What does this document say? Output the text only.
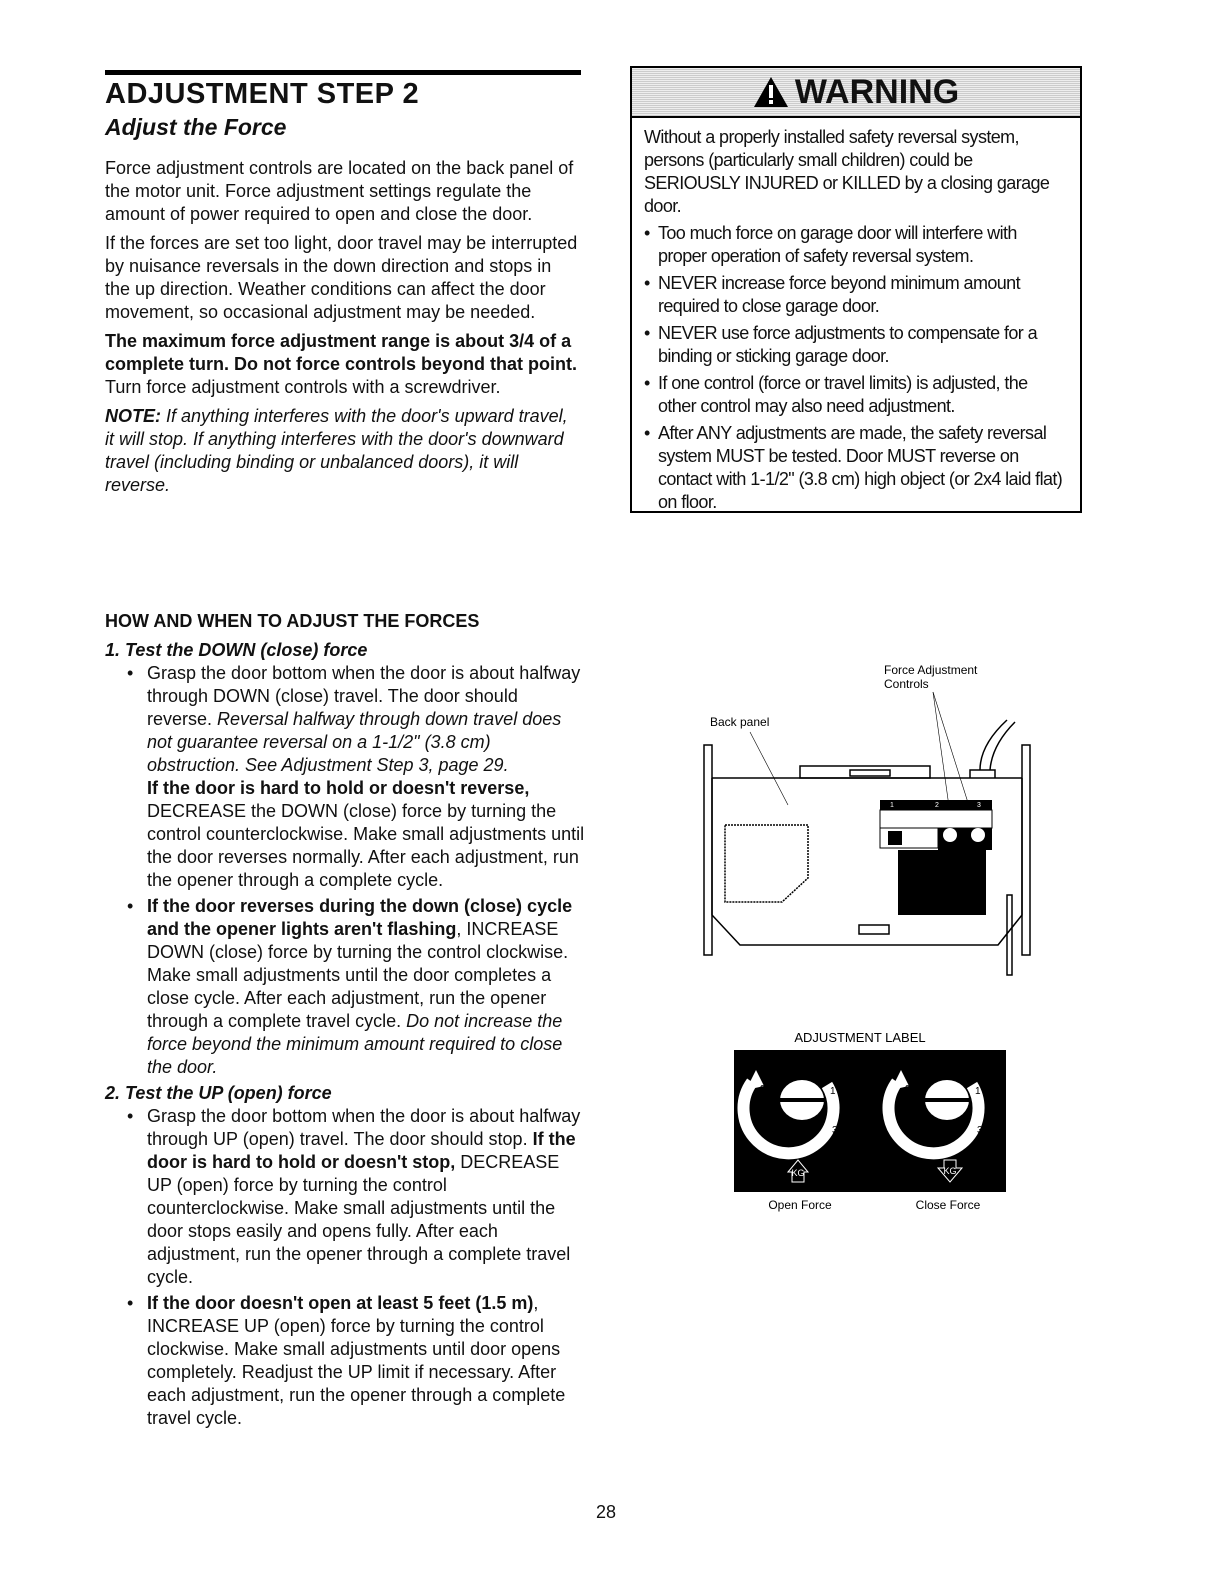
ADJUSTMENT STEP 2
Adjust the Force

Force adjustment controls are located on the back panel of the motor unit. Force adjustment settings regulate the amount of power required to open and close the door.

If the forces are set too light, door travel may be interrupted by nuisance reversals in the down direction and stops in the up direction. Weather conditions can affect the door movement, so occasional adjustment may be needed.

The maximum force adjustment range is about 3/4 of a complete turn. Do not force controls beyond that point. Turn force adjustment controls with a screwdriver.

NOTE: If anything interferes with the door's upward travel, it will stop. If anything interferes with the door's downward travel (including binding or unbalanced doors), it will reverse.

HOW AND WHEN TO ADJUST THE FORCES
1. Test the DOWN (close) force
• Grasp the door bottom when the door is about halfway through DOWN (close) travel. The door should reverse. Reversal halfway through down travel does not guarantee reversal on a 1-1/2" (3.8 cm) obstruction. See Adjustment Step 3, page 29.
If the door is hard to hold or doesn't reverse, DECREASE the DOWN (close) force by turning the control counterclockwise. Make small adjustments until the door reverses normally. After each adjustment, run the opener through a complete cycle.
• If the door reverses during the down (close) cycle and the opener lights aren't flashing, INCREASE DOWN (close) force by turning the control clockwise. Make small adjustments until the door completes a close cycle. After each adjustment, run the opener through a complete travel cycle. Do not increase the force beyond the minimum amount required to close the door.
2. Test the UP (open) force
• Grasp the door bottom when the door is about halfway through UP (open) travel. The door should stop. If the door is hard to hold or doesn't stop, DECREASE UP (open) force by turning the control counterclockwise. Make small adjustments until the door stops easily and opens fully. After each adjustment, run the opener through a complete travel cycle.
• If the door doesn't open at least 5 feet (1.5 m), INCREASE UP (open) force by turning the control clockwise. Make small adjustments until door opens completely. Readjust the UP limit if necessary. After each adjustment, run the opener through a complete travel cycle.
WARNING

Without a properly installed safety reversal system, persons (particularly small children) could be SERIOUSLY INJURED or KILLED by a closing garage door.

• Too much force on garage door will interfere with proper operation of safety reversal system.
• NEVER increase force beyond minimum amount required to close garage door.
• NEVER use force adjustments to compensate for a binding or sticking garage door.
• If one control (force or travel limits) is adjusted, the other control may also need adjustment.
• After ANY adjustments are made, the safety reversal system MUST be tested. Door MUST reverse on contact with 1-1/2" (3.8 cm) high object (or 2x4 laid flat) on floor.
Force Adjustment
Controls
Back panel
1	2	3
ADJUSTMENT LABEL
9	1
7	3
5
KG
9	1
7	3
5
KG
Open Force	Close Force
28
